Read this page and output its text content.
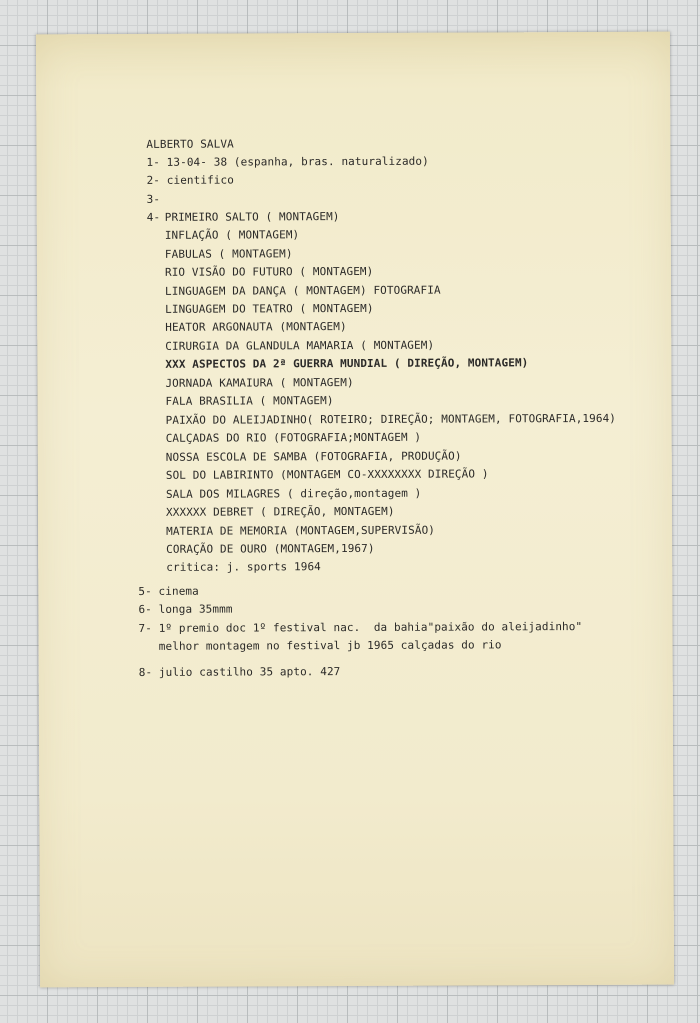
ALBERTO SALVA
1- 13-04- 38 (espanha, bras. naturalizado)
2- cientifico
3-
4- PRIMEIRO SALTO ( MONTAGEM)
INFLAÇÃO ( MONTAGEM)
FABULAS ( MONTAGEM)
RIO VISÃO DO FUTURO ( MONTAGEM)
LINGUAGEM DA DANÇA ( MONTAGEM) FOTOGRAFIA
LINGUAGEM DO TEATRO ( MONTAGEM)
HEATOR ARGONAUTA (MONTAGEM)
CIRURGIA DA GLANDULA MAMARIA ( MONTAGEM)
XXX ASPECTOS DA 2ª GUERRA MUNDIAL ( DIREÇÃO, MONTAGEM)
JORNADA KAMAIURA ( MONTAGEM)
FALA BRASILIA ( MONTAGEM)
PAIXÃO DO ALEIJADINHO( ROTEIRO; DIREÇÃO; MONTAGEM, FOTOGRAFIA,1964)
CALÇADAS DO RIO (FOTOGRAFIA;MONTAGEM )
NOSSA ESCOLA DE SAMBA (FOTOGRAFIA, PRODUÇÃO)
SOL DO LABIRINTO (MONTAGEM CO-XXXXXXXX DIREÇÃO )
SALA DOS MILAGRES ( direção,montagem )
XXXXXX DEBRET ( DIREÇÃO, MONTAGEM)
MATERIA DE MEMORIA (MONTAGEM,SUPERVISÃO)
CORAÇÃO DE OURO (MONTAGEM,1967)
critica: j. sports 1964
5- cinema
6- longa 35mmm
7- 1º premio doc 1º festival nac.  da bahia"paixão do aleijadinho"
melhor montagem no festival jb 1965 calçadas do rio
8- julio castilho 35 apto. 427
